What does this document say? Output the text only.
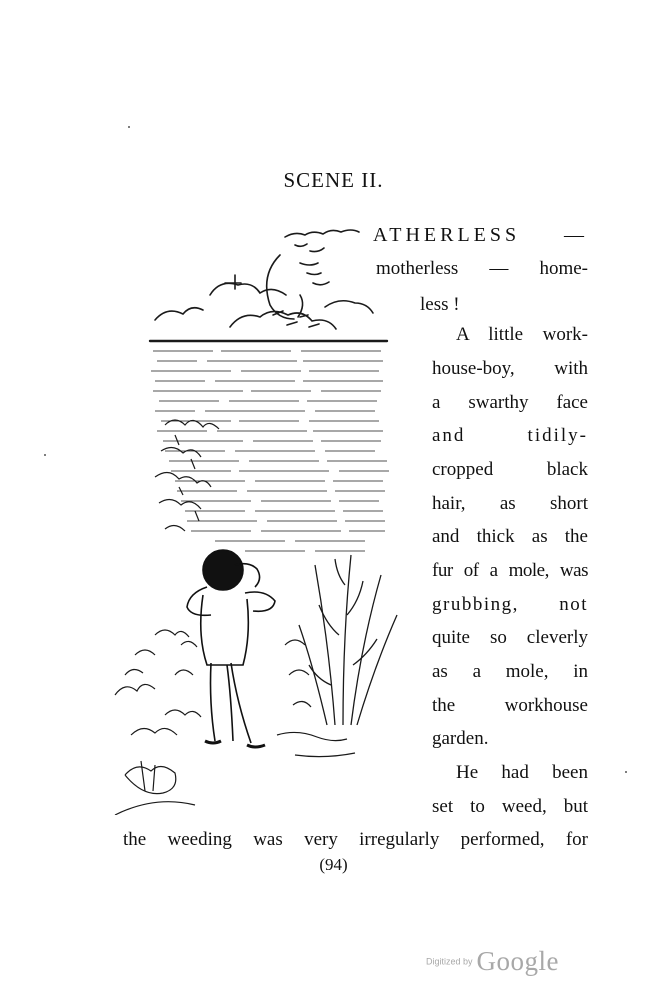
SCENE II.
ATHERLESS —
motherless — home-
less !
A little work-
house-boy, with
a swarthy face
and tidily-
cropped black
hair, as short
and thick as the
fur of a mole, was
grubbing, not
quite so cleverly
as a mole, in
the workhouse
garden.
He had been
set to weed, but
the weeding was very irregularly performed, for
(94)
Digitized by Google
